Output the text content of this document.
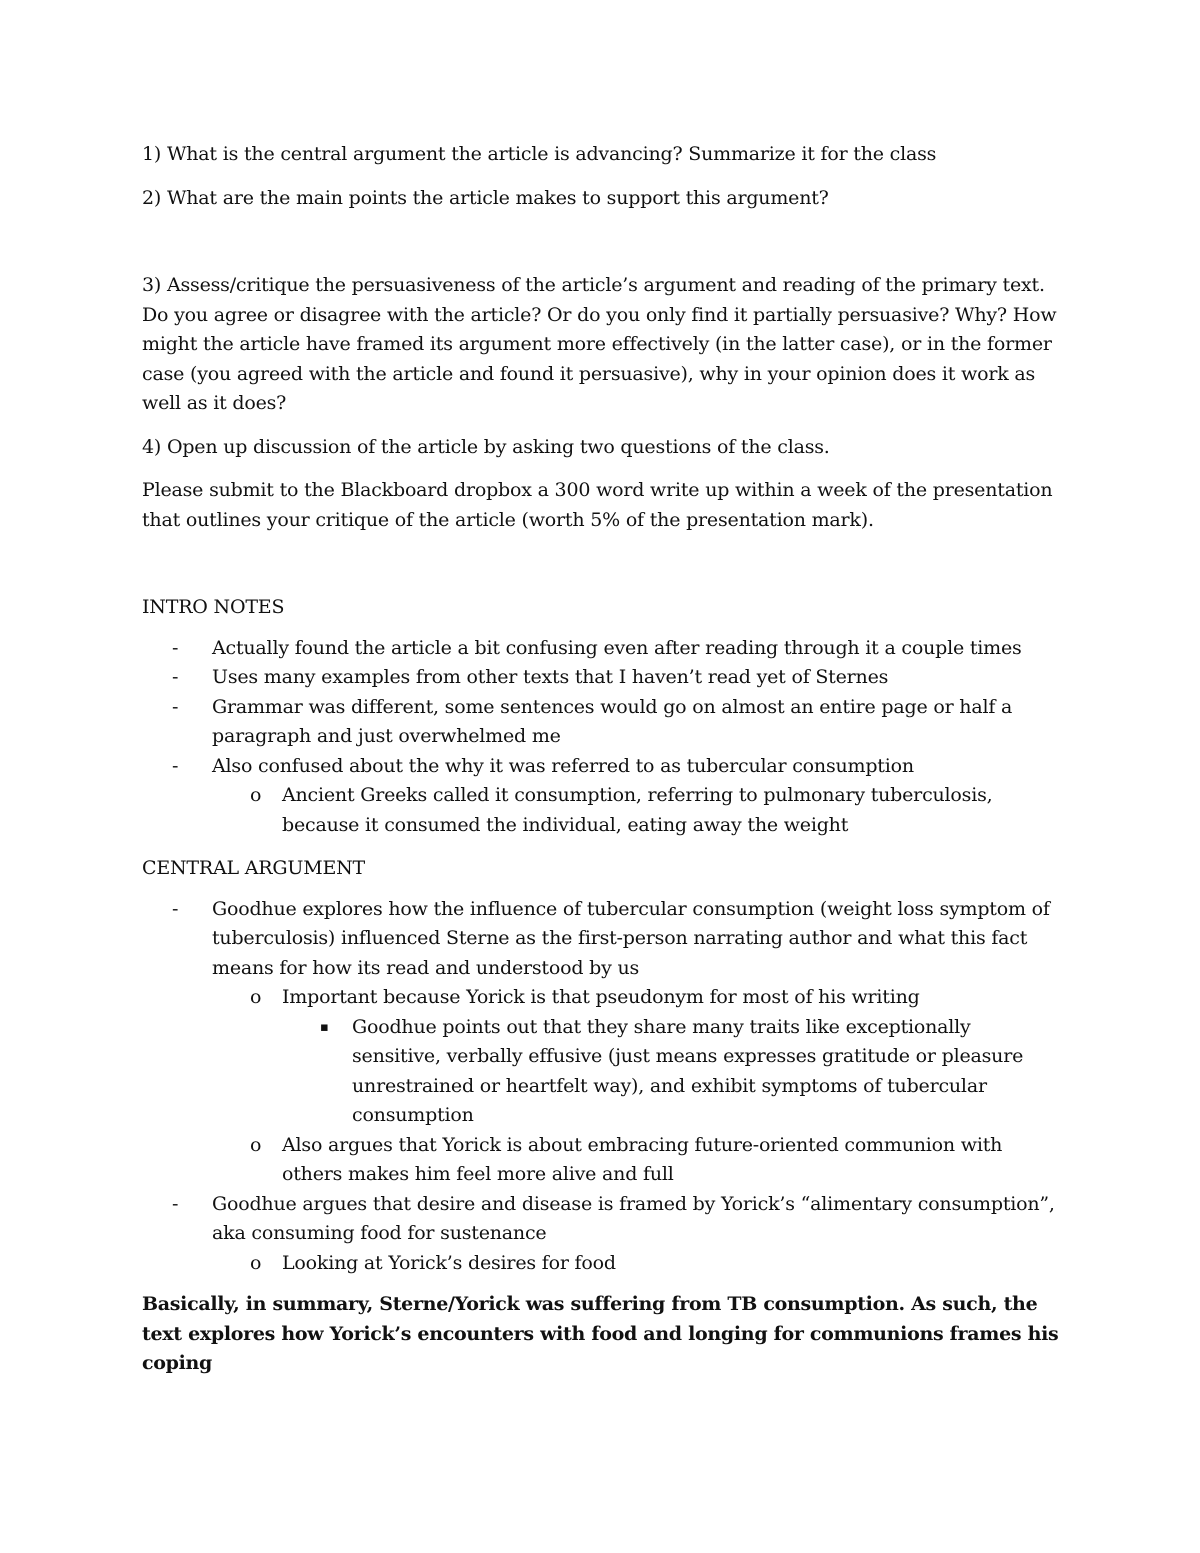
1) What is the central argument the article is advancing? Summarize it for the class

2) What are the main points the article makes to support this argument?

3) Assess/critique the persuasiveness of the article’s argument and reading of the primary text. Do you agree or disagree with the article? Or do you only find it partially persuasive? Why? How might the article have framed its argument more effectively (in the latter case), or in the former case (you agreed with the article and found it persuasive), why in your opinion does it work as well as it does?

4) Open up discussion of the article by asking two questions of the class.

Please submit to the Blackboard dropbox a 300 word write up within a week of the presentation that outlines your critique of the article (worth 5% of the presentation mark).

INTRO NOTES

- Actually found the article a bit confusing even after reading through it a couple times
- Uses many examples from other texts that I haven’t read yet of Sternes
- Grammar was different, some sentences would go on almost an entire page or half a paragraph and just overwhelmed me
- Also confused about the why it was referred to as tubercular consumption
o Ancient Greeks called it consumption, referring to pulmonary tuberculosis, because it consumed the individual, eating away the weight

CENTRAL ARGUMENT

- Goodhue explores how the influence of tubercular consumption (weight loss symptom of tuberculosis) influenced Sterne as the first-person narrating author and what this fact means for how its read and understood by us
o Important because Yorick is that pseudonym for most of his writing
▪ Goodhue points out that they share many traits like exceptionally sensitive, verbally effusive (just means expresses gratitude or pleasure unrestrained or heartfelt way), and exhibit symptoms of tubercular consumption
o Also argues that Yorick is about embracing future-oriented communion with others makes him feel more alive and full
- Goodhue argues that desire and disease is framed by Yorick’s “alimentary consumption”, aka consuming food for sustenance
o Looking at Yorick’s desires for food

Basically, in summary, Sterne/Yorick was suffering from TB consumption. As such, the text explores how Yorick’s encounters with food and longing for communions frames his coping
